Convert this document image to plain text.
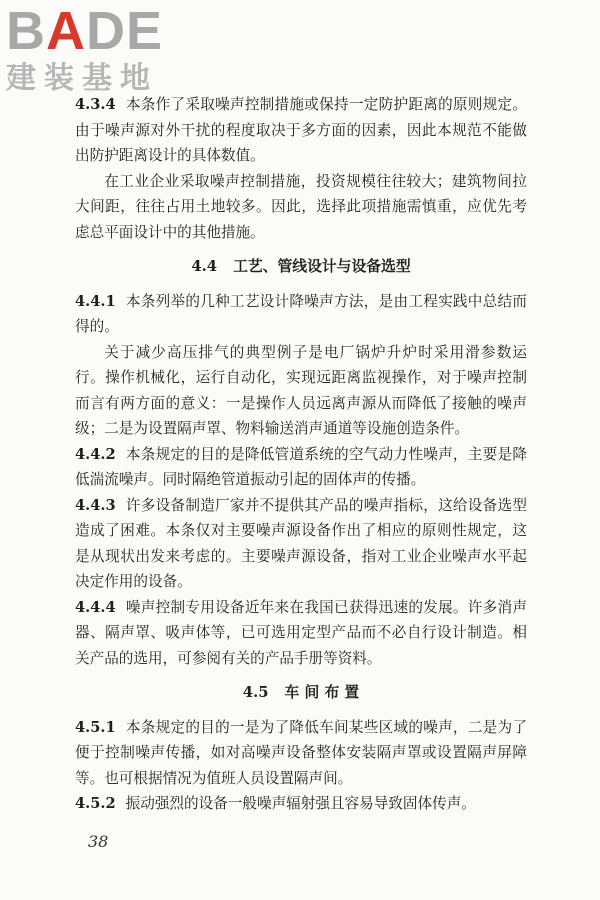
BADE
建装基地

4.3.4 本条作了采取噪声控制措施或保持一定防护距离的原则规定。由于噪声源对外干扰的程度取决于多方面的因素，因此本规范不能做出防护距离设计的具体数值。

在工业企业采取噪声控制措施，投资规模往往较大；建筑物间拉大间距，往往占用土地较多。因此，选择此项措施需慎重，应优先考虑总平面设计中的其他措施。

4.4 工艺、管线设计与设备选型

4.4.1 本条列举的几种工艺设计降噪声方法，是由工程实践中总结而得的。

关于减少高压排气的典型例子是电厂锅炉升炉时采用滑参数运行。操作机械化，运行自动化，实现远距离监视操作，对于噪声控制而言有两方面的意义：一是操作人员远离声源从而降低了接触的噪声级；二是为设置隔声罩、物料输送消声通道等设施创造条件。

4.4.2 本条规定的目的是降低管道系统的空气动力性噪声，主要是降低湍流噪声。同时隔绝管道振动引起的固体声的传播。

4.4.3 许多设备制造厂家并不提供其产品的噪声指标，这给设备选型造成了困难。本条仅对主要噪声源设备作出了相应的原则性规定，这是从现状出发来考虑的。主要噪声源设备，指对工业企业噪声水平起决定作用的设备。

4.4.4 噪声控制专用设备近年来在我国已获得迅速的发展。许多消声器、隔声罩、吸声体等，已可选用定型产品而不必自行设计制造。相关产品的选用，可参阅有关的产品手册等资料。

4.5 车 间 布 置

4.5.1 本条规定的目的一是为了降低车间某些区域的噪声，二是为了便于控制噪声传播，如对高噪声设备整体安装隔声罩或设置隔声屏障等。也可根据情况为值班人员设置隔声间。

4.5.2 振动强烈的设备一般噪声辐射强且容易导致固体传声。

38
